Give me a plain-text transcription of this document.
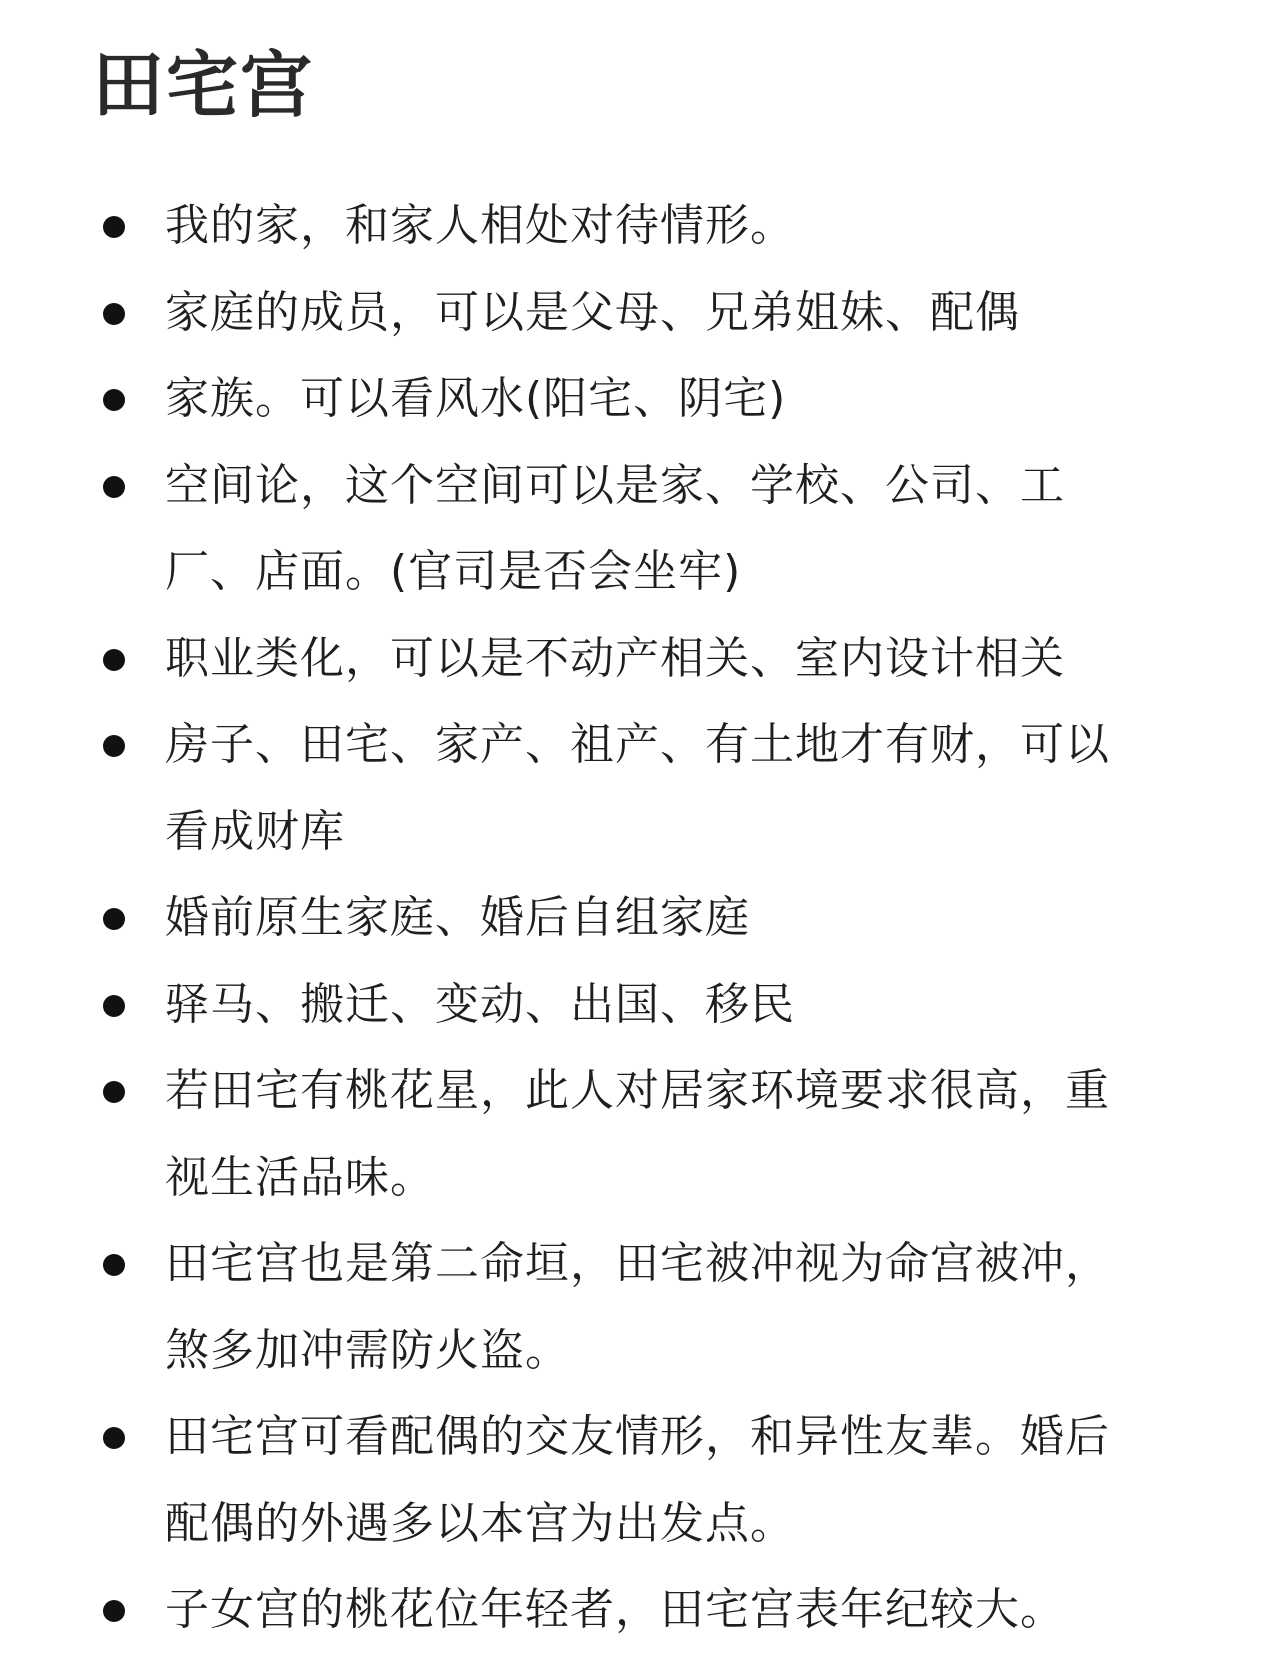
田宅宫
我的家，和家人相处对待情形。
家庭的成员，可以是父母、兄弟姐妹、配偶
家族。可以看风水(阳宅、阴宅)
空间论，这个空间可以是家、学校、公司、工
厂、店面。(官司是否会坐牢)
职业类化，可以是不动产相关、室内设计相关
房子、田宅、家产、祖产、有土地才有财，可以
看成财库
婚前原生家庭、婚后自组家庭
驿马、搬迁、变动、出国、移民
若田宅有桃花星，此人对居家环境要求很高，重
视生活品味。
田宅宫也是第二命垣，田宅被冲视为命宫被冲，
煞多加冲需防火盗。
田宅宫可看配偶的交友情形，和异性友辈。婚后
配偶的外遇多以本宫为出发点。
子女宫的桃花位年轻者，田宅宫表年纪较大。
